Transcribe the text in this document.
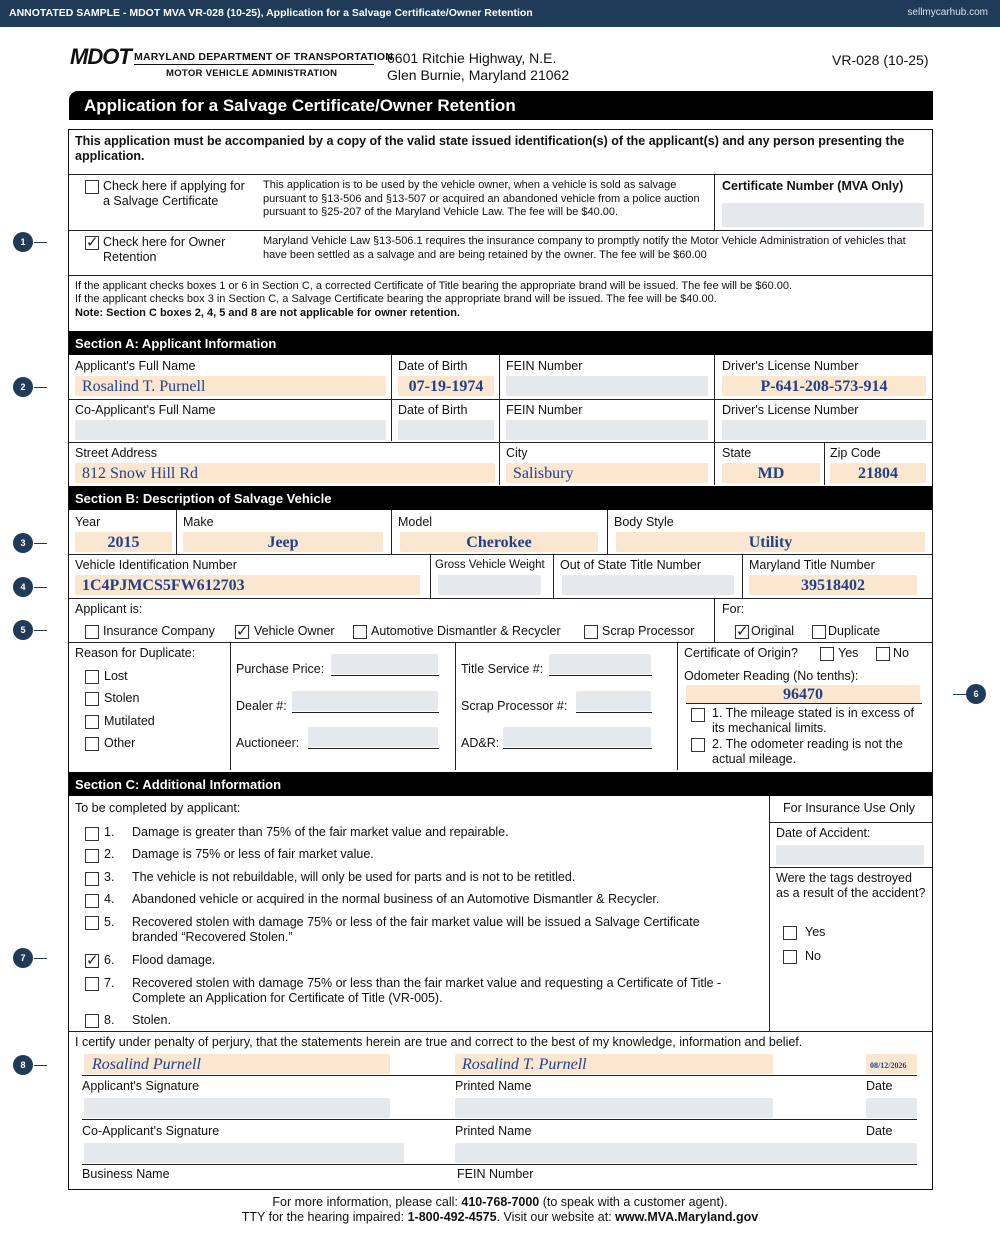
ANNOTATED SAMPLE - MDOT MVA VR-028 (10-25), Application for a Salvage Certificate/Owner Retention	sellmycarhub.com
MDOT MARYLAND DEPARTMENT OF TRANSPORTATION
MOTOR VEHICLE ADMINISTRATION
6601 Ritchie Highway, N.E.
Glen Burnie, Maryland 21062
VR-028 (10-25)
Application for a Salvage Certificate/Owner Retention
This application must be accompanied by a copy of the valid state issued identification(s) of the applicant(s) and any person presenting the application.
Check here if applying for a Salvage Certificate
This application is to be used by the vehicle owner, when a vehicle is sold as salvage pursuant to §13-506 and §13-507 or acquired an abandoned vehicle from a police auction pursuant to §25-207 of the Maryland Vehicle Law. The fee will be $40.00.
Certificate Number (MVA Only)
✓
Check here for Owner Retention
Maryland Vehicle Law §13-506.1 requires the insurance company to promptly notify the Motor Vehicle Administration of vehicles that have been settled as a salvage and are being retained by the owner. The fee will be $60.00
If the applicant checks boxes 1 or 6 in Section C, a corrected Certificate of Title bearing the appropriate brand will be issued. The fee will be $60.00.
If the applicant checks box 3 in Section C, a Salvage Certificate bearing the appropriate brand will be issued. The fee will be $40.00.
Note: Section C boxes 2, 4, 5 and 8 are not applicable for owner retention.
Section A: Applicant Information
Applicant's Full Name
Rosalind T. Purnell
Date of Birth
07-19-1974
FEIN Number	Driver's License Number
P-641-208-573-914
Co-Applicant's Full Name	Date of Birth	FEIN Number	Driver's License Number
Street Address
812 Snow Hill Rd
City
Salisbury
State
MD
Zip Code
21804
Section B: Description of Salvage Vehicle
Year
2015
Make
Jeep
Model
Cherokee
Body Style
Utility
Vehicle Identification Number
1C4PJMCS5FW612703
Gross Vehicle Weight Out of State Title Number	Maryland Title Number
39518402
Applicant is:
Insurance Company
✓	Vehicle Owner	Automotive Dismantler & Recycler	Scrap Processor
For:
✓
Original	Duplicate
Reason for Duplicate:
Lost
Stolen
Mutilated
Other
Purchase Price:
Dealer #:
Auctioneer:
Title Service #:
Scrap Processor #:
AD&R:
Certificate of Origin?	Yes	No
Odometer Reading (No tenths):
96470
1. The mileage stated is in excess of its mechanical limits.
2. The odometer reading is not the actual mileage.
Section C: Additional Information
To be completed by applicant:	For Insurance Use Only
Date of Accident:
Were the tags destroyed as a result of the accident?
Yes
No
1. Damage is greater than 75% of the fair market value and repairable.
2. Damage is 75% or less of fair market value.
3. The vehicle is not rebuildable, will only be used for parts and is not to be retitled.
4. Abandoned vehicle or acquired in the normal business of an Automotive Dismantler & Recycler.
5. Recovered stolen with damage 75% or less of the fair market value will be issued a Salvage Certificate branded “Recovered Stolen.”
✓
6. Flood damage.
7. Recovered stolen with damage 75% or less than the fair market value and requesting a Certificate of Title - Complete an Application for Certificate of Title (VR-005).
8. Stolen.
I certify under penalty of perjury, that the statements herein are true and correct to the best of my knowledge, information and belief.
Rosalind Purnell	Rosalind T. Purnell	08/12/2026
Applicant's Signature	Printed Name	Date
Co-Applicant's Signature	Printed Name	Date
Business Name	FEIN Number
For more information, please call: 410-768-7000 (to speak with a customer agent).
TTY for the hearing impaired: 1-800-492-4575. Visit our website at: www.MVA.Maryland.gov
1
2
3
4
5
6
7
8
